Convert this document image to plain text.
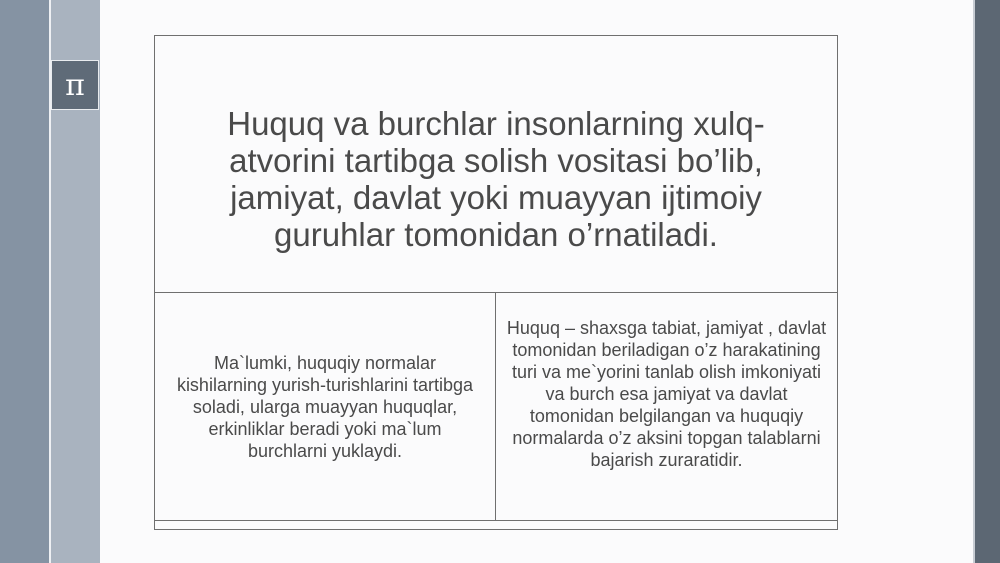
π
Huquq va burchlar insonlarning xulq-atvorini tartibga solish vositasi bo’lib, jamiyat, davlat yoki muayyan ijtimoiy guruhlar tomonidan o’rnatiladi.
Ma`lumki, huquqiy normalar kishilarning yurish-turishlarini tartibga soladi, ularga muayyan huquqlar, erkinliklar beradi yoki ma`lum burchlarni yuklaydi.
Huquq – shaxsga tabiat, jamiyat , davlat tomonidan beriladigan o’z harakatining turi va me`yorini tanlab olish imkoniyati va burch esa jamiyat va davlat tomonidan belgilangan va huquqiy normalarda o’z aksini topgan talablarni bajarish zuraratidir.
